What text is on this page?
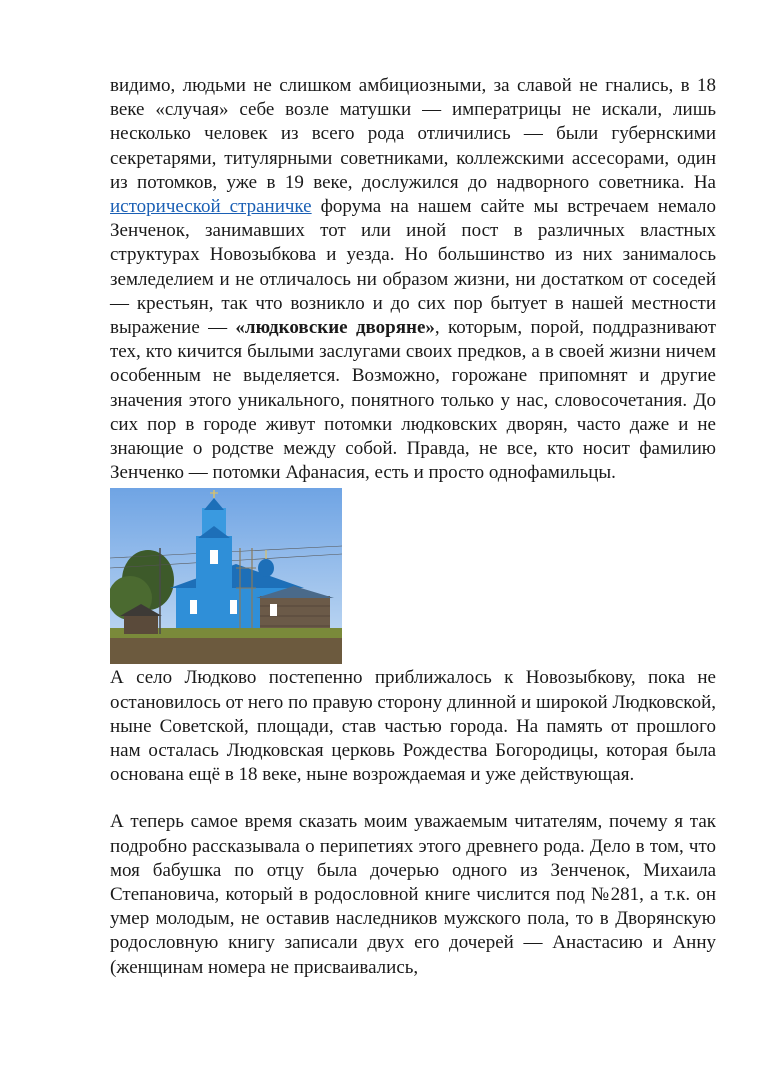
видимо, людьми не слишком амбициозными, за славой не гнались, в 18 веке «случая» себе возле матушки — императрицы не искали, лишь несколько человек из всего рода отличились — были губернскими секретарями, титулярными советниками, коллежскими ассесорами, один из потомков, уже в 19 веке, дослужился до надворного советника. На исторической страничке форума на нашем сайте мы встречаем немало Зенченок, занимавших тот или иной пост в различных властных структурах Новозыбкова и уезда. Но большинство из них занималось земледелием и не отличалось ни образом жизни, ни достатком от соседей — крестьян, так что возникло и до сих пор бытует в нашей местности выражение — «людковские дворяне», которым, порой, поддразнивают тех, кто кичится былыми заслугами своих предков, а в своей жизни ничем особенным не выделяется. Возможно, горожане припомнят и другие значения этого уникального, понятного только у нас, словосочетания. До сих пор в городе живут потомки людковских дворян, часто даже и не знающие о родстве между собой. Правда, не все, кто носит фамилию Зенченко — потомки Афанасия, есть и просто однофамильцы.

А село Людково постепенно приближалось к Новозыбкову, пока не остановилось от него по правую сторону длинной и широкой Людковской, ныне Советской, площади, став частью города. На память от прошлого нам осталась Людковская церковь Рождества Богородицы, которая была основана ещё в 18 веке, ныне возрождаемая и уже действующая.

А теперь самое время сказать моим уважаемым читателям, почему я так подробно рассказывала о перипетиях этого древнего рода. Дело в том, что моя бабушка по отцу была дочерью одного из Зенченок, Михаила Степановича, который в родословной книге числится под №281, а т.к. он умер молодым, не оставив наследников мужского пола, то в Дворянскую родословную книгу записали двух его дочерей — Анастасию и Анну (женщинам номера не присваивались,
